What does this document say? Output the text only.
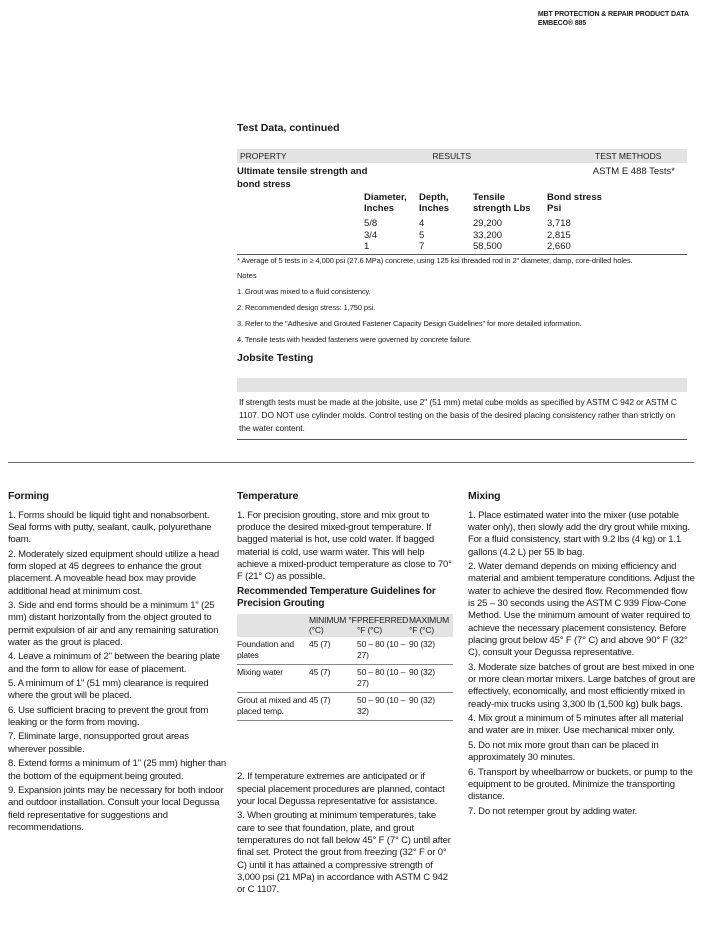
MBT PROTECTION & REPAIR PRODUCT DATA
EMBECO® 885
Test Data, continued
PROPERTY	RESULTS	TEST METHODS
Ultimate tensile strength and bond stress
ASTM E 488 Tests*
Diameter, Inches	Depth, Inches	Tensile strength Lbs	Bond stress Psi
5/8	4	29,200	3,718
3/4	5	33,200	2,815
1	7	58,500	2,660
* Average of 5 tests in ≥ 4,000 psi (27.6 MPa) concrete, using 125 ksi threaded rod in 2" diameter, damp, core-drilled holes.
Notes
1. Grout was mixed to a fluid consistency.
2. Recommended design stress: 1,750 psi.
3. Refer to the "Adhesive and Grouted Fastener Capacity Design Guidelines" for more detailed information.
4. Tensile tests with headed fasteners were governed by concrete failure.
Jobsite Testing
If strength tests must be made at the jobsite, use 2" (51 mm) metal cube molds as specified by ASTM C 942 or ASTM C 1107. DO NOT use cylinder molds. Control testing on the basis of the desired placing consistency rather than strictly on the water content.
Forming

1. Forms should be liquid tight and nonabsorbent. Seal forms with putty, sealant, caulk, polyurethane foam.

2. Moderately sized equipment should utilize a head form sloped at 45 degrees to enhance the grout placement. A moveable head box may provide additional head at minimum cost.

3. Side and end forms should be a minimum 1" (25 mm) distant horizontally from the object grouted to permit expulsion of air and any remaining saturation water as the grout is placed.

4. Leave a minimum of 2" between the bearing plate and the form to allow for ease of placement.

5. A minimum of 1" (51 mm) clearance is required where the grout will be placed.

6. Use sufficient bracing to prevent the grout from leaking or the form from moving.

7. Eliminate large, nonsupported grout areas wherever possible.

8. Extend forms a minimum of 1" (25 mm) higher than the bottom of the equipment being grouted.

9. Expansion joints may be necessary for both indoor and outdoor installation. Consult your local Degussa field representative for suggestions and recommendations.

Temperature

1. For precision grouting, store and mix grout to produce the desired mixed-grout temperature. If bagged material is hot, use cold water. If bagged material is cold, use warm water. This will help achieve a mixed-product temperature as close to 70° F (21° C) as possible.

Recommended Temperature Guidelines for Precision Grouting
	MINIMUM °F (°C)	PREFERRED °F (°C)	MAXIMUM °F (°C)
Foundation and plates	45 (7)	50 – 80 (10 – 27)	90 (32)
Mixing water	45 (7)	50 – 80 (10 – 27)	90 (32)
Grout at mixed and placed temp.	45 (7)	50 – 90 (10 – 32)	90 (32)

2. If temperature extremes are anticipated or if special placement procedures are planned, contact your local Degussa representative for assistance.

3. When grouting at minimum temperatures, take care to see that foundation, plate, and grout temperatures do not fall below 45° F (7° C) until after final set. Protect the grout from freezing (32° F or 0° C) until it has attained a compressive strength of 3,000 psi (21 MPa) in accordance with ASTM C 942 or C 1107.

Mixing

1. Place estimated water into the mixer (use potable water only), then slowly add the dry grout while mixing. For a fluid consistency, start with 9.2 lbs (4 kg) or 1.1 gallons (4.2 L) per 55 lb bag.

2. Water demand depends on mixing efficiency and material and ambient temperature conditions. Adjust the water to achieve the desired flow. Recommended flow is 25 – 30 seconds using the ASTM C 939 Flow-Cone Method. Use the minimum amount of water required to achieve the necessary placement consistency. Before placing grout below 45° F (7° C) and above 90° F (32° C), consult your Degussa representative.

3. Moderate size batches of grout are best mixed in one or more clean mortar mixers. Large batches of grout are effectively, economically, and most efficiently mixed in ready-mix trucks using 3,300 lb (1,500 kg) bulk bags.

4. Mix grout a minimum of 5 minutes after all material and water are in mixer. Use mechanical mixer only.

5. Do not mix more grout than can be placed in approximately 30 minutes.

6. Transport by wheelbarrow or buckets, or pump to the equipment to be grouted. Minimize the transporting distance.

7. Do not retemper grout by adding water.
